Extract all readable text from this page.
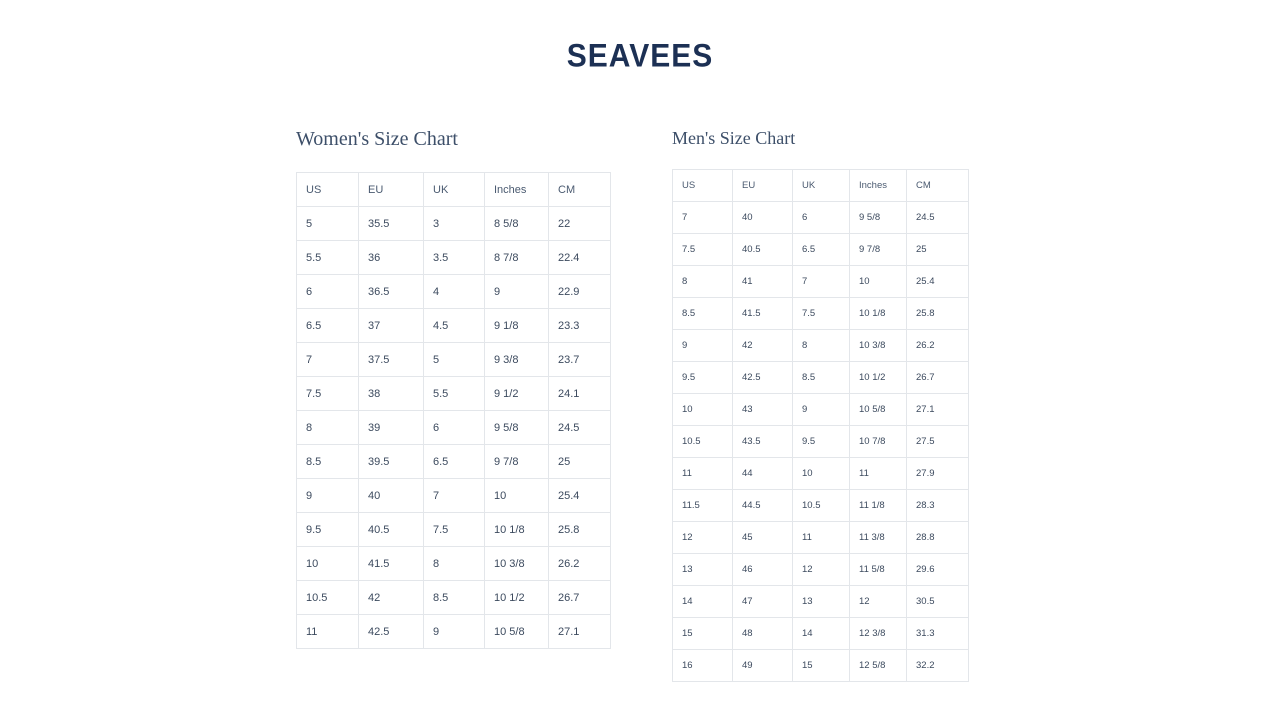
SEAVEES
Women's Size Chart
US	EU	UK	Inches	CM
5	35.5	3	8 5/8	22
5.5	36	3.5	8 7/8	22.4
6	36.5	4	9	22.9
6.5	37	4.5	9 1/8	23.3
7	37.5	5	9 3/8	23.7
7.5	38	5.5	9 1/2	24.1
8	39	6	9 5/8	24.5
8.5	39.5	6.5	9 7/8	25
9	40	7	10	25.4
9.5	40.5	7.5	10 1/8	25.8
10	41.5	8	10 3/8	26.2
10.5	42	8.5	10 1/2	26.7
11	42.5	9	10 5/8	27.1
Men's Size Chart
US	EU	UK	Inches	CM
7	40	6	9 5/8	24.5
7.5	40.5	6.5	9 7/8	25
8	41	7	10	25.4
8.5	41.5	7.5	10 1/8	25.8
9	42	8	10 3/8	26.2
9.5	42.5	8.5	10 1/2	26.7
10	43	9	10 5/8	27.1
10.5	43.5	9.5	10 7/8	27.5
11	44	10	11	27.9
11.5	44.5	10.5	11 1/8	28.3
12	45	11	11 3/8	28.8
13	46	12	11 5/8	29.6
14	47	13	12	30.5
15	48	14	12 3/8	31.3
16	49	15	12 5/8	32.2
